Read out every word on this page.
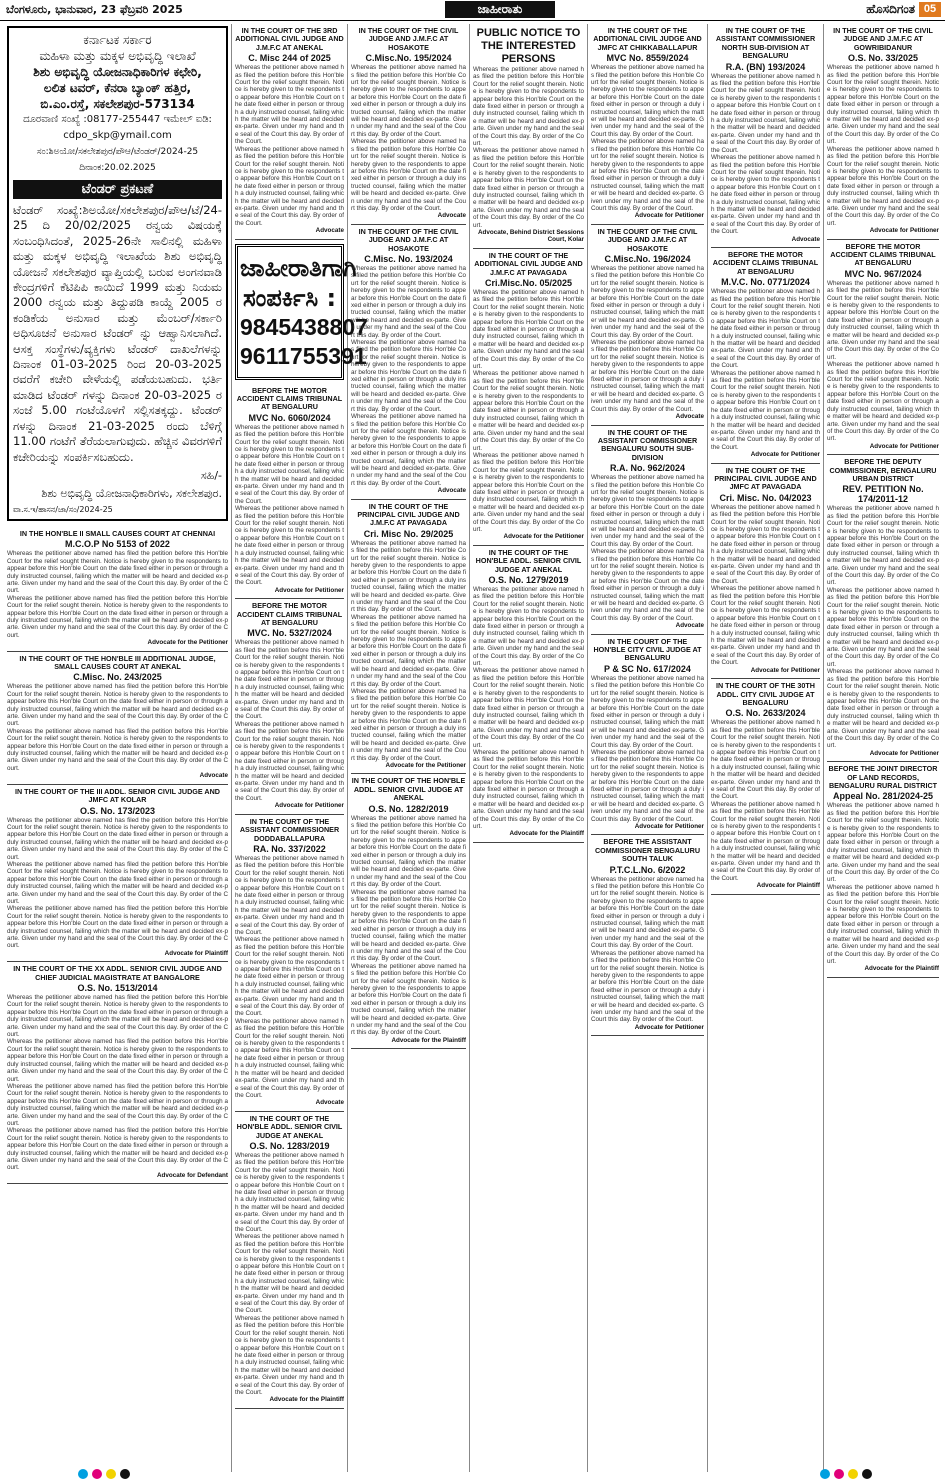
ಬೆಂಗಳೂರು, ಭಾನುವಾರ, 23 ಫೆಬ್ರವರಿ 2025	ಜಾಹೀರಾತು	ಹೊಸದಿಗಂತ 05
ಕರ್ನಾಟಕ ಸರ್ಕಾರ
ಮಹಿಳಾ ಮತ್ತು ಮಕ್ಕಳ ಅಭಿವೃದ್ಧಿ ಇಲಾಖೆ
ಶಿಶು ಅಭಿವೃದ್ಧಿ ಯೋಜನಾಧಿಕಾರಿಗಳ ಕಛೇರಿ,
ಲಲಿತ ಟವರ್, ಕೆನರಾ ಬ್ಯಾಂಕ್ ಹತ್ತಿರ,
ಬಿ.ಎಂ.ರಸ್ತೆ, ಸಕಲೇಶಪುರ-573134
ದೂರವಾಣಿ ಸಂಖ್ಯೆ :08177-255447 ಇಮೇಲ್ ಐಡಿ:
cdpo_skp@ymail.com
ಸಂ:ಶಿಅಯೋ/ಸಕಲೇಶಪುರ/ಪೌಆ/ಟೆಂಡರ್/2024-25 ದಿನಾಂಕ:20.02.2025
ಟೆಂಡರ್ ಪ್ರಕಟಣೆ
ಟೆಂಡರ್ ಸಂಖ್ಯೆ:ಶಿಅಯೋ/ಸಕಲೇಶಪುರ/ಪೌಆ/ಟೆ/24-25 ದಿ 20/02/2025 ರನ್ವಯ ವಿಷಯಕ್ಕೆ ಸಂಬಂಧಿಸಿದಂತೆ, 2025-26ನೇ ಸಾಲಿನಲ್ಲಿ ಮಹಿಳಾ ಮತ್ತು ಮಕ್ಕಳ ಅಭಿವೃದ್ಧಿ ಇಲಾಖೆಯ ಶಿಶು ಅಭಿವೃದ್ಧಿ ಯೋಜನೆ ಸಕಲೇಶಪುರ ವ್ಯಾಪ್ತಿಯಲ್ಲಿ ಬರುವ ಅಂಗನವಾಡಿ ಕೇಂದ್ರಗಳಿಗೆ ಕೆಟಿಪಿಪಿ ಕಾಯಿದೆ 1999 ಮತ್ತು ನಿಯಮ 2000 ರನ್ವಯ ಮತ್ತು ತಿದ್ದುಪಡಿ ಕಾಯ್ದೆ 2005 ರ ಕಂಡಿಕೆಯ ಅನುಸಾರ ಮತ್ತು ಮೆಂಬರ್/ಸರ್ಕಾರಿ ಅಧಿಸೂಚನೆ ಅನುಸಾರ ಟೆಂಡರ್ ನ್ನು ಆಹ್ವಾನಿಸಲಾಗಿದೆ. ಆಸಕ್ತ ಸಂಸ್ಥೆಗಳು/ವ್ಯಕ್ತಿಗಳು ಟೆಂಡರ್ ದಾಖಲೆಗಳನ್ನು ದಿನಾಂಕ 01-03-2025 ರಿಂದ 20-03-2025 ರವರೆಗೆ ಕಚೇರಿ ವೇಳೆಯಲ್ಲಿ ಪಡೆಯಬಹುದು. ಭರ್ತಿ ಮಾಡಿದ ಟೆಂಡರ್ ಗಳನ್ನು ದಿನಾಂಕ 20-03-2025 ರ ಸಂಜೆ 5.00 ಗಂಟೆಯೊಳಗೆ ಸಲ್ಲಿಸತಕ್ಕದ್ದು. ಟೆಂಡರ್ ಗಳನ್ನು ದಿನಾಂಕ 21-03-2025 ರಂದು ಬೆಳಿಗ್ಗೆ 11.00 ಗಂಟೆಗೆ ತೆರೆಯಲಾಗುವುದು. ಹೆಚ್ಚಿನ ವಿವರಗಳಿಗೆ ಕಚೇರಿಯನ್ನು ಸಂಪರ್ಕಿಸಬಹುದು.
ಸಹಿ/-
ಶಿಶು ಅಭಿವೃದ್ಧಿ ಯೋಜನಾಧಿಕಾರಿಗಳು, ಸಕಲೇಶಪುರ.
ವಾ.ಸ.ಇ/ಹಾಸನ/ಜಾ/ಸಂ/2024-25
IN THE HON'BLE II SMALL CAUSES COURT AT CHENNAI
M.C.O.P No 5153 of 2022
Whereas the petitioner above named has filed the petition before this Hon'ble Court for the relief sought therein. Notice is hereby given to the respondents to appear before this Hon'ble Court on the date fixed either in person or through a duly instructed counsel, failing which the matter will be heard and decided ex-parte. Given under my hand and the seal of the Court this day. By order of the Court.
Whereas the petitioner above named has filed the petition before this Hon'ble Court for the relief sought therein. Notice is hereby given to the respondents to appear before this Hon'ble Court on the date fixed either in person or through a duly instructed counsel, failing which the matter will be heard and decided ex-parte. Given under my hand and the seal of the Court this day. By order of the Court.
Advocate for the Petitioner
IN THE COURT OF THE HON'BLE III ADDITIONAL JUDGE, SMALL CAUSES COURT AT ANEKAL
C.Misc. No. 243/2025
Whereas the petitioner above named has filed the petition before this Hon'ble Court for the relief sought therein. Notice is hereby given to the respondents to appear before this Hon'ble Court on the date fixed either in person or through a duly instructed counsel, failing which the matter will be heard and decided ex-parte. Given under my hand and the seal of the Court this day. By order of the Court.
Whereas the petitioner above named has filed the petition before this Hon'ble Court for the relief sought therein. Notice is hereby given to the respondents to appear before this Hon'ble Court on the date fixed either in person or through a duly instructed counsel, failing which the matter will be heard and decided ex-parte. Given under my hand and the seal of the Court this day. By order of the Court.
Advocate
IN THE COURT OF THE III ADDL. SENIOR CIVIL JUDGE AND JMFC AT KOLAR
O.S. No. 173/2023
Whereas the petitioner above named has filed the petition before this Hon'ble Court for the relief sought therein. Notice is hereby given to the respondents to appear before this Hon'ble Court on the date fixed either in person or through a duly instructed counsel, failing which the matter will be heard and decided ex-parte. Given under my hand and the seal of the Court this day. By order of the Court.
Whereas the petitioner above named has filed the petition before this Hon'ble Court for the relief sought therein. Notice is hereby given to the respondents to appear before this Hon'ble Court on the date fixed either in person or through a duly instructed counsel, failing which the matter will be heard and decided ex-parte. Given under my hand and the seal of the Court this day. By order of the Court.
Whereas the petitioner above named has filed the petition before this Hon'ble Court for the relief sought therein. Notice is hereby given to the respondents to appear before this Hon'ble Court on the date fixed either in person or through a duly instructed counsel, failing which the matter will be heard and decided ex-parte. Given under my hand and the seal of the Court this day. By order of the Court.
Advocate for Plaintiff
IN THE COURT OF THE XX ADDL. SENIOR CIVIL JUDGE AND CHIEF JUDICIAL MAGISTRATE AT BANGALORE
O.S. No. 1513/2014
Whereas the petitioner above named has filed the petition before this Hon'ble Court for the relief sought therein. Notice is hereby given to the respondents to appear before this Hon'ble Court on the date fixed either in person or through a duly instructed counsel, failing which the matter will be heard and decided ex-parte. Given under my hand and the seal of the Court this day. By order of the Court.
Whereas the petitioner above named has filed the petition before this Hon'ble Court for the relief sought therein. Notice is hereby given to the respondents to appear before this Hon'ble Court on the date fixed either in person or through a duly instructed counsel, failing which the matter will be heard and decided ex-parte. Given under my hand and the seal of the Court this day. By order of the Court.
Whereas the petitioner above named has filed the petition before this Hon'ble Court for the relief sought therein. Notice is hereby given to the respondents to appear before this Hon'ble Court on the date fixed either in person or through a duly instructed counsel, failing which the matter will be heard and decided ex-parte. Given under my hand and the seal of the Court this day. By order of the Court.
Whereas the petitioner above named has filed the petition before this Hon'ble Court for the relief sought therein. Notice is hereby given to the respondents to appear before this Hon'ble Court on the date fixed either in person or through a duly instructed counsel, failing which the matter will be heard and decided ex-parte. Given under my hand and the seal of the Court this day. By order of the Court.
Advocate for Defendant
IN THE COURT OF THE 3RD ADDITIONAL CIVIL JUDGE AND J.M.F.C AT ANEKAL
C. Misc 244 of 2025
Whereas the petitioner above named has filed the petition before this Hon'ble Court for the relief sought therein. Notice is hereby given to the respondents to appear before this Hon'ble Court on the date fixed either in person or through a duly instructed counsel, failing which the matter will be heard and decided ex-parte. Given under my hand and the seal of the Court this day. By order of the Court.
Whereas the petitioner above named has filed the petition before this Hon'ble Court for the relief sought therein. Notice is hereby given to the respondents to appear before this Hon'ble Court on the date fixed either in person or through a duly instructed counsel, failing which the matter will be heard and decided ex-parte. Given under my hand and the seal of the Court this day. By order of the Court.
Advocate
ಜಾಹೀರಾತಿಗಾಗಿ
ಸಂಪರ್ಕಿಸಿ :
9845438807
9611755391
BEFORE THE MOTOR ACCIDENT CLAIMS TRIBUNAL AT BENGALURU
MVC No. 6060/2024
Whereas the petitioner above named has filed the petition before this Hon'ble Court for the relief sought therein. Notice is hereby given to the respondents to appear before this Hon'ble Court on the date fixed either in person or through a duly instructed counsel, failing which the matter will be heard and decided ex-parte. Given under my hand and the seal of the Court this day. By order of the Court.
Whereas the petitioner above named has filed the petition before this Hon'ble Court for the relief sought therein. Notice is hereby given to the respondents to appear before this Hon'ble Court on the date fixed either in person or through a duly instructed counsel, failing which the matter will be heard and decided ex-parte. Given under my hand and the seal of the Court this day. By order of the Court.
Advocate for Petitioner
BEFORE THE MOTOR ACCIDENT CLAIMS TRIBUNAL AT BENGALURU
MVC. No. 5327/2024
Whereas the petitioner above named has filed the petition before this Hon'ble Court for the relief sought therein. Notice is hereby given to the respondents to appear before this Hon'ble Court on the date fixed either in person or through a duly instructed counsel, failing which the matter will be heard and decided ex-parte. Given under my hand and the seal of the Court this day. By order of the Court.
Whereas the petitioner above named has filed the petition before this Hon'ble Court for the relief sought therein. Notice is hereby given to the respondents to appear before this Hon'ble Court on the date fixed either in person or through a duly instructed counsel, failing which the matter will be heard and decided ex-parte. Given under my hand and the seal of the Court this day. By order of the Court.
Advocate for Petitioner
IN THE COURT OF THE ASSISTANT COMMISSIONER DODDABALLAPURA
RA. No. 337/2022
Whereas the petitioner above named has filed the petition before this Hon'ble Court for the relief sought therein. Notice is hereby given to the respondents to appear before this Hon'ble Court on the date fixed either in person or through a duly instructed counsel, failing which the matter will be heard and decided ex-parte. Given under my hand and the seal of the Court this day. By order of the Court.
Whereas the petitioner above named has filed the petition before this Hon'ble Court for the relief sought therein. Notice is hereby given to the respondents to appear before this Hon'ble Court on the date fixed either in person or through a duly instructed counsel, failing which the matter will be heard and decided ex-parte. Given under my hand and the seal of the Court this day. By order of the Court.
Whereas the petitioner above named has filed the petition before this Hon'ble Court for the relief sought therein. Notice is hereby given to the respondents to appear before this Hon'ble Court on the date fixed either in person or through a duly instructed counsel, failing which the matter will be heard and decided ex-parte. Given under my hand and the seal of the Court this day. By order of the Court.
Advocate
IN THE COURT OF THE HON'BLE ADDL. SENIOR CIVIL JUDGE AT ANEKAL
O.S. No. 1283/2019
Whereas the petitioner above named has filed the petition before this Hon'ble Court for the relief sought therein. Notice is hereby given to the respondents to appear before this Hon'ble Court on the date fixed either in person or through a duly instructed counsel, failing which the matter will be heard and decided ex-parte. Given under my hand and the seal of the Court this day. By order of the Court.
Whereas the petitioner above named has filed the petition before this Hon'ble Court for the relief sought therein. Notice is hereby given to the respondents to appear before this Hon'ble Court on the date fixed either in person or through a duly instructed counsel, failing which the matter will be heard and decided ex-parte. Given under my hand and the seal of the Court this day. By order of the Court.
Whereas the petitioner above named has filed the petition before this Hon'ble Court for the relief sought therein. Notice is hereby given to the respondents to appear before this Hon'ble Court on the date fixed either in person or through a duly instructed counsel, failing which the matter will be heard and decided ex-parte. Given under my hand and the seal of the Court this day. By order of the Court.
Advocate for the Plaintiff
IN THE COURT OF THE CIVIL JUDGE AND J.M.F.C AT HOSAKOTE
C.Misc.No. 195/2024
Whereas the petitioner above named has filed the petition before this Hon'ble Court for the relief sought therein. Notice is hereby given to the respondents to appear before this Hon'ble Court on the date fixed either in person or through a duly instructed counsel, failing which the matter will be heard and decided ex-parte. Given under my hand and the seal of the Court this day. By order of the Court.
Whereas the petitioner above named has filed the petition before this Hon'ble Court for the relief sought therein. Notice is hereby given to the respondents to appear before this Hon'ble Court on the date fixed either in person or through a duly instructed counsel, failing which the matter will be heard and decided ex-parte. Given under my hand and the seal of the Court this day. By order of the Court.
Advocate
IN THE COURT OF THE CIVIL JUDGE AND J.M.F.C AT HOSAKOTE
C.Misc. No. 193/2024
Whereas the petitioner above named has filed the petition before this Hon'ble Court for the relief sought therein. Notice is hereby given to the respondents to appear before this Hon'ble Court on the date fixed either in person or through a duly instructed counsel, failing which the matter will be heard and decided ex-parte. Given under my hand and the seal of the Court this day. By order of the Court.
Whereas the petitioner above named has filed the petition before this Hon'ble Court for the relief sought therein. Notice is hereby given to the respondents to appear before this Hon'ble Court on the date fixed either in person or through a duly instructed counsel, failing which the matter will be heard and decided ex-parte. Given under my hand and the seal of the Court this day. By order of the Court.
Whereas the petitioner above named has filed the petition before this Hon'ble Court for the relief sought therein. Notice is hereby given to the respondents to appear before this Hon'ble Court on the date fixed either in person or through a duly instructed counsel, failing which the matter will be heard and decided ex-parte. Given under my hand and the seal of the Court this day. By order of the Court.
Advocate
IN THE COURT OF THE PRINCIPAL CIVIL JUDGE AND J.M.F.C AT PAVAGADA
Cri. Misc No. 29/2025
Whereas the petitioner above named has filed the petition before this Hon'ble Court for the relief sought therein. Notice is hereby given to the respondents to appear before this Hon'ble Court on the date fixed either in person or through a duly instructed counsel, failing which the matter will be heard and decided ex-parte. Given under my hand and the seal of the Court this day. By order of the Court.
Whereas the petitioner above named has filed the petition before this Hon'ble Court for the relief sought therein. Notice is hereby given to the respondents to appear before this Hon'ble Court on the date fixed either in person or through a duly instructed counsel, failing which the matter will be heard and decided ex-parte. Given under my hand and the seal of the Court this day. By order of the Court.
Whereas the petitioner above named has filed the petition before this Hon'ble Court for the relief sought therein. Notice is hereby given to the respondents to appear before this Hon'ble Court on the date fixed either in person or through a duly instructed counsel, failing which the matter will be heard and decided ex-parte. Given under my hand and the seal of the Court this day. By order of the Court.
Advocate for the Petitioner
IN THE COURT OF THE HON'BLE ADDL. SENIOR CIVIL JUDGE AT ANEKAL
O.S. No. 1282/2019
Whereas the petitioner above named has filed the petition before this Hon'ble Court for the relief sought therein. Notice is hereby given to the respondents to appear before this Hon'ble Court on the date fixed either in person or through a duly instructed counsel, failing which the matter will be heard and decided ex-parte. Given under my hand and the seal of the Court this day. By order of the Court.
Whereas the petitioner above named has filed the petition before this Hon'ble Court for the relief sought therein. Notice is hereby given to the respondents to appear before this Hon'ble Court on the date fixed either in person or through a duly instructed counsel, failing which the matter will be heard and decided ex-parte. Given under my hand and the seal of the Court this day. By order of the Court.
Whereas the petitioner above named has filed the petition before this Hon'ble Court for the relief sought therein. Notice is hereby given to the respondents to appear before this Hon'ble Court on the date fixed either in person or through a duly instructed counsel, failing which the matter will be heard and decided ex-parte. Given under my hand and the seal of the Court this day. By order of the Court.
Advocate for the Plaintiff
PUBLIC NOTICE TO THE INTERESTED PERSONS
Whereas the petitioner above named has filed the petition before this Hon'ble Court for the relief sought therein. Notice is hereby given to the respondents to appear before this Hon'ble Court on the date fixed either in person or through a duly instructed counsel, failing which the matter will be heard and decided ex-parte. Given under my hand and the seal of the Court this day. By order of the Court.
Whereas the petitioner above named has filed the petition before this Hon'ble Court for the relief sought therein. Notice is hereby given to the respondents to appear before this Hon'ble Court on the date fixed either in person or through a duly instructed counsel, failing which the matter will be heard and decided ex-parte. Given under my hand and the seal of the Court this day. By order of the Court.
Advocate, Behind District Sessions Court, Kolar
IN THE COURT OF THE ADDITIONAL CIVIL JUDGE AND J.M.F.C AT PAVAGADA
Cri.Misc.No. 05/2025
Whereas the petitioner above named has filed the petition before this Hon'ble Court for the relief sought therein. Notice is hereby given to the respondents to appear before this Hon'ble Court on the date fixed either in person or through a duly instructed counsel, failing which the matter will be heard and decided ex-parte. Given under my hand and the seal of the Court this day. By order of the Court.
Whereas the petitioner above named has filed the petition before this Hon'ble Court for the relief sought therein. Notice is hereby given to the respondents to appear before this Hon'ble Court on the date fixed either in person or through a duly instructed counsel, failing which the matter will be heard and decided ex-parte. Given under my hand and the seal of the Court this day. By order of the Court.
Whereas the petitioner above named has filed the petition before this Hon'ble Court for the relief sought therein. Notice is hereby given to the respondents to appear before this Hon'ble Court on the date fixed either in person or through a duly instructed counsel, failing which the matter will be heard and decided ex-parte. Given under my hand and the seal of the Court this day. By order of the Court.
Advocate for the Petitioner
IN THE COURT OF THE HON'BLE ADDL. SENIOR CIVIL JUDGE AT ANEKAL
O.S. No. 1279/2019
Whereas the petitioner above named has filed the petition before this Hon'ble Court for the relief sought therein. Notice is hereby given to the respondents to appear before this Hon'ble Court on the date fixed either in person or through a duly instructed counsel, failing which the matter will be heard and decided ex-parte. Given under my hand and the seal of the Court this day. By order of the Court.
Whereas the petitioner above named has filed the petition before this Hon'ble Court for the relief sought therein. Notice is hereby given to the respondents to appear before this Hon'ble Court on the date fixed either in person or through a duly instructed counsel, failing which the matter will be heard and decided ex-parte. Given under my hand and the seal of the Court this day. By order of the Court.
Whereas the petitioner above named has filed the petition before this Hon'ble Court for the relief sought therein. Notice is hereby given to the respondents to appear before this Hon'ble Court on the date fixed either in person or through a duly instructed counsel, failing which the matter will be heard and decided ex-parte. Given under my hand and the seal of the Court this day. By order of the Court.
Advocate for the Plaintiff
IN THE COURT OF THE ADDITIONAL CIVIL JUDGE AND JMFC AT CHIKKABALLAPUR
MVC No. 8559/2024
Whereas the petitioner above named has filed the petition before this Hon'ble Court for the relief sought therein. Notice is hereby given to the respondents to appear before this Hon'ble Court on the date fixed either in person or through a duly instructed counsel, failing which the matter will be heard and decided ex-parte. Given under my hand and the seal of the Court this day. By order of the Court.
Whereas the petitioner above named has filed the petition before this Hon'ble Court for the relief sought therein. Notice is hereby given to the respondents to appear before this Hon'ble Court on the date fixed either in person or through a duly instructed counsel, failing which the matter will be heard and decided ex-parte. Given under my hand and the seal of the Court this day. By order of the Court.
Advocate for Petitioner
IN THE COURT OF THE CIVIL JUDGE AND J.M.F.C AT HOSAKOTE
C.Misc.No. 196/2024
Whereas the petitioner above named has filed the petition before this Hon'ble Court for the relief sought therein. Notice is hereby given to the respondents to appear before this Hon'ble Court on the date fixed either in person or through a duly instructed counsel, failing which the matter will be heard and decided ex-parte. Given under my hand and the seal of the Court this day. By order of the Court.
Whereas the petitioner above named has filed the petition before this Hon'ble Court for the relief sought therein. Notice is hereby given to the respondents to appear before this Hon'ble Court on the date fixed either in person or through a duly instructed counsel, failing which the matter will be heard and decided ex-parte. Given under my hand and the seal of the Court this day. By order of the Court.
Advocate
IN THE COURT OF THE ASSISTANT COMMISSIONER BENGALURU SOUTH SUB-DIVISION
R.A. No. 962/2024
Whereas the petitioner above named has filed the petition before this Hon'ble Court for the relief sought therein. Notice is hereby given to the respondents to appear before this Hon'ble Court on the date fixed either in person or through a duly instructed counsel, failing which the matter will be heard and decided ex-parte. Given under my hand and the seal of the Court this day. By order of the Court.
Whereas the petitioner above named has filed the petition before this Hon'ble Court for the relief sought therein. Notice is hereby given to the respondents to appear before this Hon'ble Court on the date fixed either in person or through a duly instructed counsel, failing which the matter will be heard and decided ex-parte. Given under my hand and the seal of the Court this day. By order of the Court.
Advocate
IN THE COURT OF THE HON'BLE CITY CIVIL JUDGE AT BENGALURU
P & SC No. 617/2024
Whereas the petitioner above named has filed the petition before this Hon'ble Court for the relief sought therein. Notice is hereby given to the respondents to appear before this Hon'ble Court on the date fixed either in person or through a duly instructed counsel, failing which the matter will be heard and decided ex-parte. Given under my hand and the seal of the Court this day. By order of the Court.
Whereas the petitioner above named has filed the petition before this Hon'ble Court for the relief sought therein. Notice is hereby given to the respondents to appear before this Hon'ble Court on the date fixed either in person or through a duly instructed counsel, failing which the matter will be heard and decided ex-parte. Given under my hand and the seal of the Court this day. By order of the Court.
Advocate for Petitioner
BEFORE THE ASSISTANT COMMISSIONER BENGALURU SOUTH TALUK
P.T.C.L.No. 6/2022
Whereas the petitioner above named has filed the petition before this Hon'ble Court for the relief sought therein. Notice is hereby given to the respondents to appear before this Hon'ble Court on the date fixed either in person or through a duly instructed counsel, failing which the matter will be heard and decided ex-parte. Given under my hand and the seal of the Court this day. By order of the Court.
Whereas the petitioner above named has filed the petition before this Hon'ble Court for the relief sought therein. Notice is hereby given to the respondents to appear before this Hon'ble Court on the date fixed either in person or through a duly instructed counsel, failing which the matter will be heard and decided ex-parte. Given under my hand and the seal of the Court this day. By order of the Court.
Advocate for Petitioner
IN THE COURT OF THE ASSISTANT COMMISSIONER NORTH SUB-DIVISION AT BENGALURU
R.A. (BN) 193/2024
Whereas the petitioner above named has filed the petition before this Hon'ble Court for the relief sought therein. Notice is hereby given to the respondents to appear before this Hon'ble Court on the date fixed either in person or through a duly instructed counsel, failing which the matter will be heard and decided ex-parte. Given under my hand and the seal of the Court this day. By order of the Court.
Whereas the petitioner above named has filed the petition before this Hon'ble Court for the relief sought therein. Notice is hereby given to the respondents to appear before this Hon'ble Court on the date fixed either in person or through a duly instructed counsel, failing which the matter will be heard and decided ex-parte. Given under my hand and the seal of the Court this day. By order of the Court.
Advocate
BEFORE THE MOTOR ACCIDENT CLAIMS TRIBUNAL AT BENGALURU
M.V.C. No. 0771/2024
Whereas the petitioner above named has filed the petition before this Hon'ble Court for the relief sought therein. Notice is hereby given to the respondents to appear before this Hon'ble Court on the date fixed either in person or through a duly instructed counsel, failing which the matter will be heard and decided ex-parte. Given under my hand and the seal of the Court this day. By order of the Court.
Whereas the petitioner above named has filed the petition before this Hon'ble Court for the relief sought therein. Notice is hereby given to the respondents to appear before this Hon'ble Court on the date fixed either in person or through a duly instructed counsel, failing which the matter will be heard and decided ex-parte. Given under my hand and the seal of the Court this day. By order of the Court.
Advocate for Petitioner
IN THE COURT OF THE PRINCIPAL CIVIL JUDGE AND JMFC AT PAVAGADA
Cri. Misc. No. 04/2023
Whereas the petitioner above named has filed the petition before this Hon'ble Court for the relief sought therein. Notice is hereby given to the respondents to appear before this Hon'ble Court on the date fixed either in person or through a duly instructed counsel, failing which the matter will be heard and decided ex-parte. Given under my hand and the seal of the Court this day. By order of the Court.
Whereas the petitioner above named has filed the petition before this Hon'ble Court for the relief sought therein. Notice is hereby given to the respondents to appear before this Hon'ble Court on the date fixed either in person or through a duly instructed counsel, failing which the matter will be heard and decided ex-parte. Given under my hand and the seal of the Court this day. By order of the Court.
Advocate for Petitioner
IN THE COURT OF THE 30TH ADDL. CITY CIVIL JUDGE AT BENGALURU
O.S. No. 2633/2024
Whereas the petitioner above named has filed the petition before this Hon'ble Court for the relief sought therein. Notice is hereby given to the respondents to appear before this Hon'ble Court on the date fixed either in person or through a duly instructed counsel, failing which the matter will be heard and decided ex-parte. Given under my hand and the seal of the Court this day. By order of the Court.
Whereas the petitioner above named has filed the petition before this Hon'ble Court for the relief sought therein. Notice is hereby given to the respondents to appear before this Hon'ble Court on the date fixed either in person or through a duly instructed counsel, failing which the matter will be heard and decided ex-parte. Given under my hand and the seal of the Court this day. By order of the Court.
Advocate for Plaintiff
IN THE COURT OF THE CIVIL JUDGE AND J.M.F.C AT GOWRIBIDANUR
O.S. No. 33/2025
Whereas the petitioner above named has filed the petition before this Hon'ble Court for the relief sought therein. Notice is hereby given to the respondents to appear before this Hon'ble Court on the date fixed either in person or through a duly instructed counsel, failing which the matter will be heard and decided ex-parte. Given under my hand and the seal of the Court this day. By order of the Court.
Whereas the petitioner above named has filed the petition before this Hon'ble Court for the relief sought therein. Notice is hereby given to the respondents to appear before this Hon'ble Court on the date fixed either in person or through a duly instructed counsel, failing which the matter will be heard and decided ex-parte. Given under my hand and the seal of the Court this day. By order of the Court.
Advocate for Petitioner
BEFORE THE MOTOR ACCIDENT CLAIMS TRIBUNAL AT BENGALURU
MVC No. 967/2024
Whereas the petitioner above named has filed the petition before this Hon'ble Court for the relief sought therein. Notice is hereby given to the respondents to appear before this Hon'ble Court on the date fixed either in person or through a duly instructed counsel, failing which the matter will be heard and decided ex-parte. Given under my hand and the seal of the Court this day. By order of the Court.
Whereas the petitioner above named has filed the petition before this Hon'ble Court for the relief sought therein. Notice is hereby given to the respondents to appear before this Hon'ble Court on the date fixed either in person or through a duly instructed counsel, failing which the matter will be heard and decided ex-parte. Given under my hand and the seal of the Court this day. By order of the Court.
Advocate for Petitioner
BEFORE THE DEPUTY COMMISSIONER, BENGALURU URBAN DISTRICT
REV. PETITION No. 174/2011-12
Whereas the petitioner above named has filed the petition before this Hon'ble Court for the relief sought therein. Notice is hereby given to the respondents to appear before this Hon'ble Court on the date fixed either in person or through a duly instructed counsel, failing which the matter will be heard and decided ex-parte. Given under my hand and the seal of the Court this day. By order of the Court.
Whereas the petitioner above named has filed the petition before this Hon'ble Court for the relief sought therein. Notice is hereby given to the respondents to appear before this Hon'ble Court on the date fixed either in person or through a duly instructed counsel, failing which the matter will be heard and decided ex-parte. Given under my hand and the seal of the Court this day. By order of the Court.
Whereas the petitioner above named has filed the petition before this Hon'ble Court for the relief sought therein. Notice is hereby given to the respondents to appear before this Hon'ble Court on the date fixed either in person or through a duly instructed counsel, failing which the matter will be heard and decided ex-parte. Given under my hand and the seal of the Court this day. By order of the Court.
Advocate for Petitioner
BEFORE THE JOINT DIRECTOR OF LAND RECORDS, BENGALURU RURAL DISTRICT
Appeal No. 281/2024-25
Whereas the petitioner above named has filed the petition before this Hon'ble Court for the relief sought therein. Notice is hereby given to the respondents to appear before this Hon'ble Court on the date fixed either in person or through a duly instructed counsel, failing which the matter will be heard and decided ex-parte. Given under my hand and the seal of the Court this day. By order of the Court.
Whereas the petitioner above named has filed the petition before this Hon'ble Court for the relief sought therein. Notice is hereby given to the respondents to appear before this Hon'ble Court on the date fixed either in person or through a duly instructed counsel, failing which the matter will be heard and decided ex-parte. Given under my hand and the seal of the Court this day. By order of the Court.
Advocate for the Plaintiff
